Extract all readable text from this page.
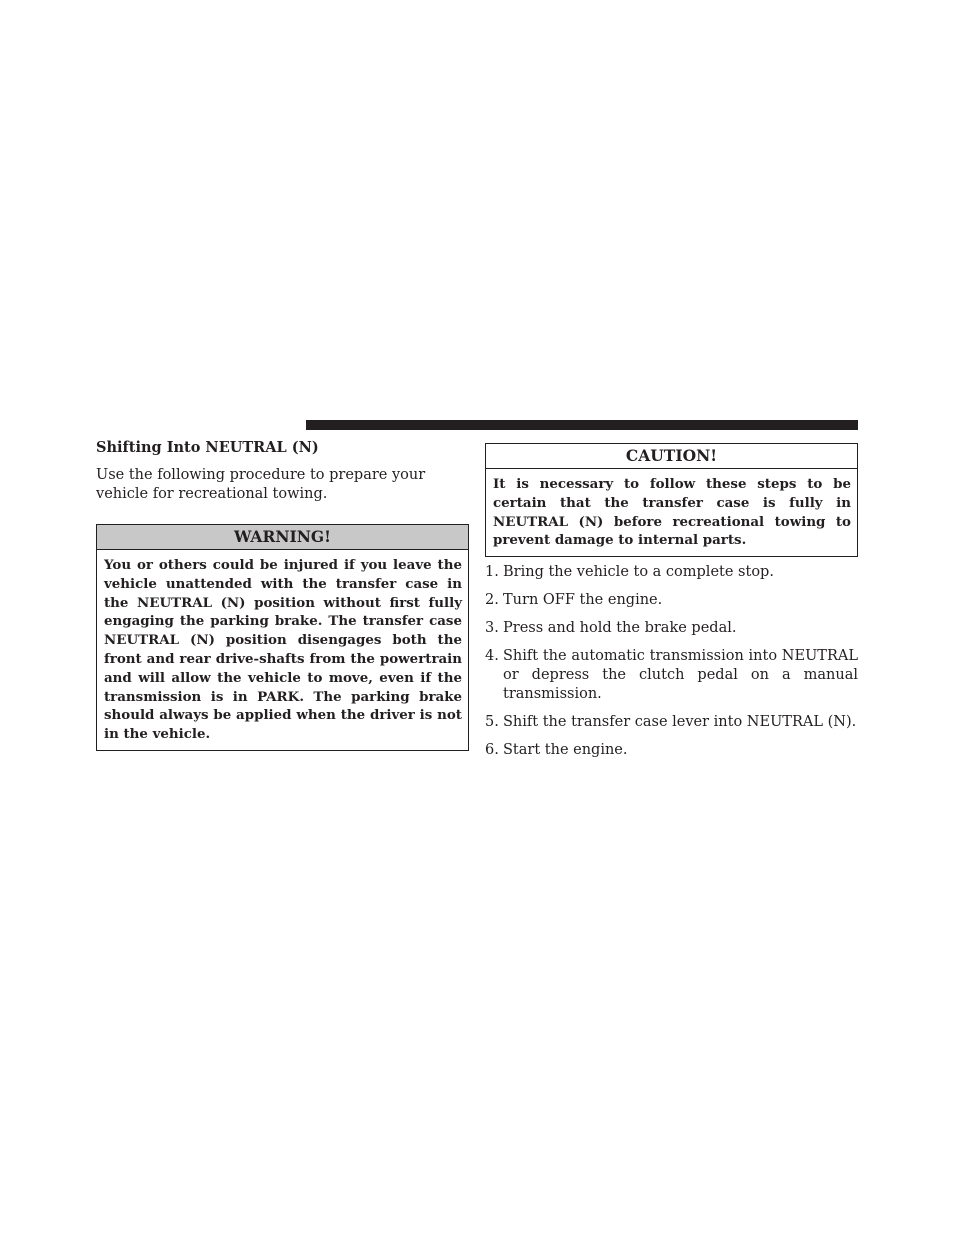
Shifting Into NEUTRAL (N)

Use the following procedure to prepare your vehicle for recreational towing.

WARNING!
You or others could be injured if you leave the vehicle unattended with the transfer case in the NEUTRAL (N) position without first fully engaging the parking brake. The transfer case NEUTRAL (N) position disengages both the front and rear drive-shafts from the powertrain and will allow the vehicle to move, even if the transmission is in PARK. The parking brake should always be applied when the driver is not in the vehicle.
CAUTION!
It is necessary to follow these steps to be certain that the transfer case is fully in NEUTRAL (N) before recreational towing to prevent damage to internal parts.
1. Bring the vehicle to a complete stop.
2. Turn OFF the engine.
3. Press and hold the brake pedal.
4. Shift the automatic transmission into NEUTRAL or depress the clutch pedal on a manual transmission.
5. Shift the transfer case lever into NEUTRAL (N).
6. Start the engine.
